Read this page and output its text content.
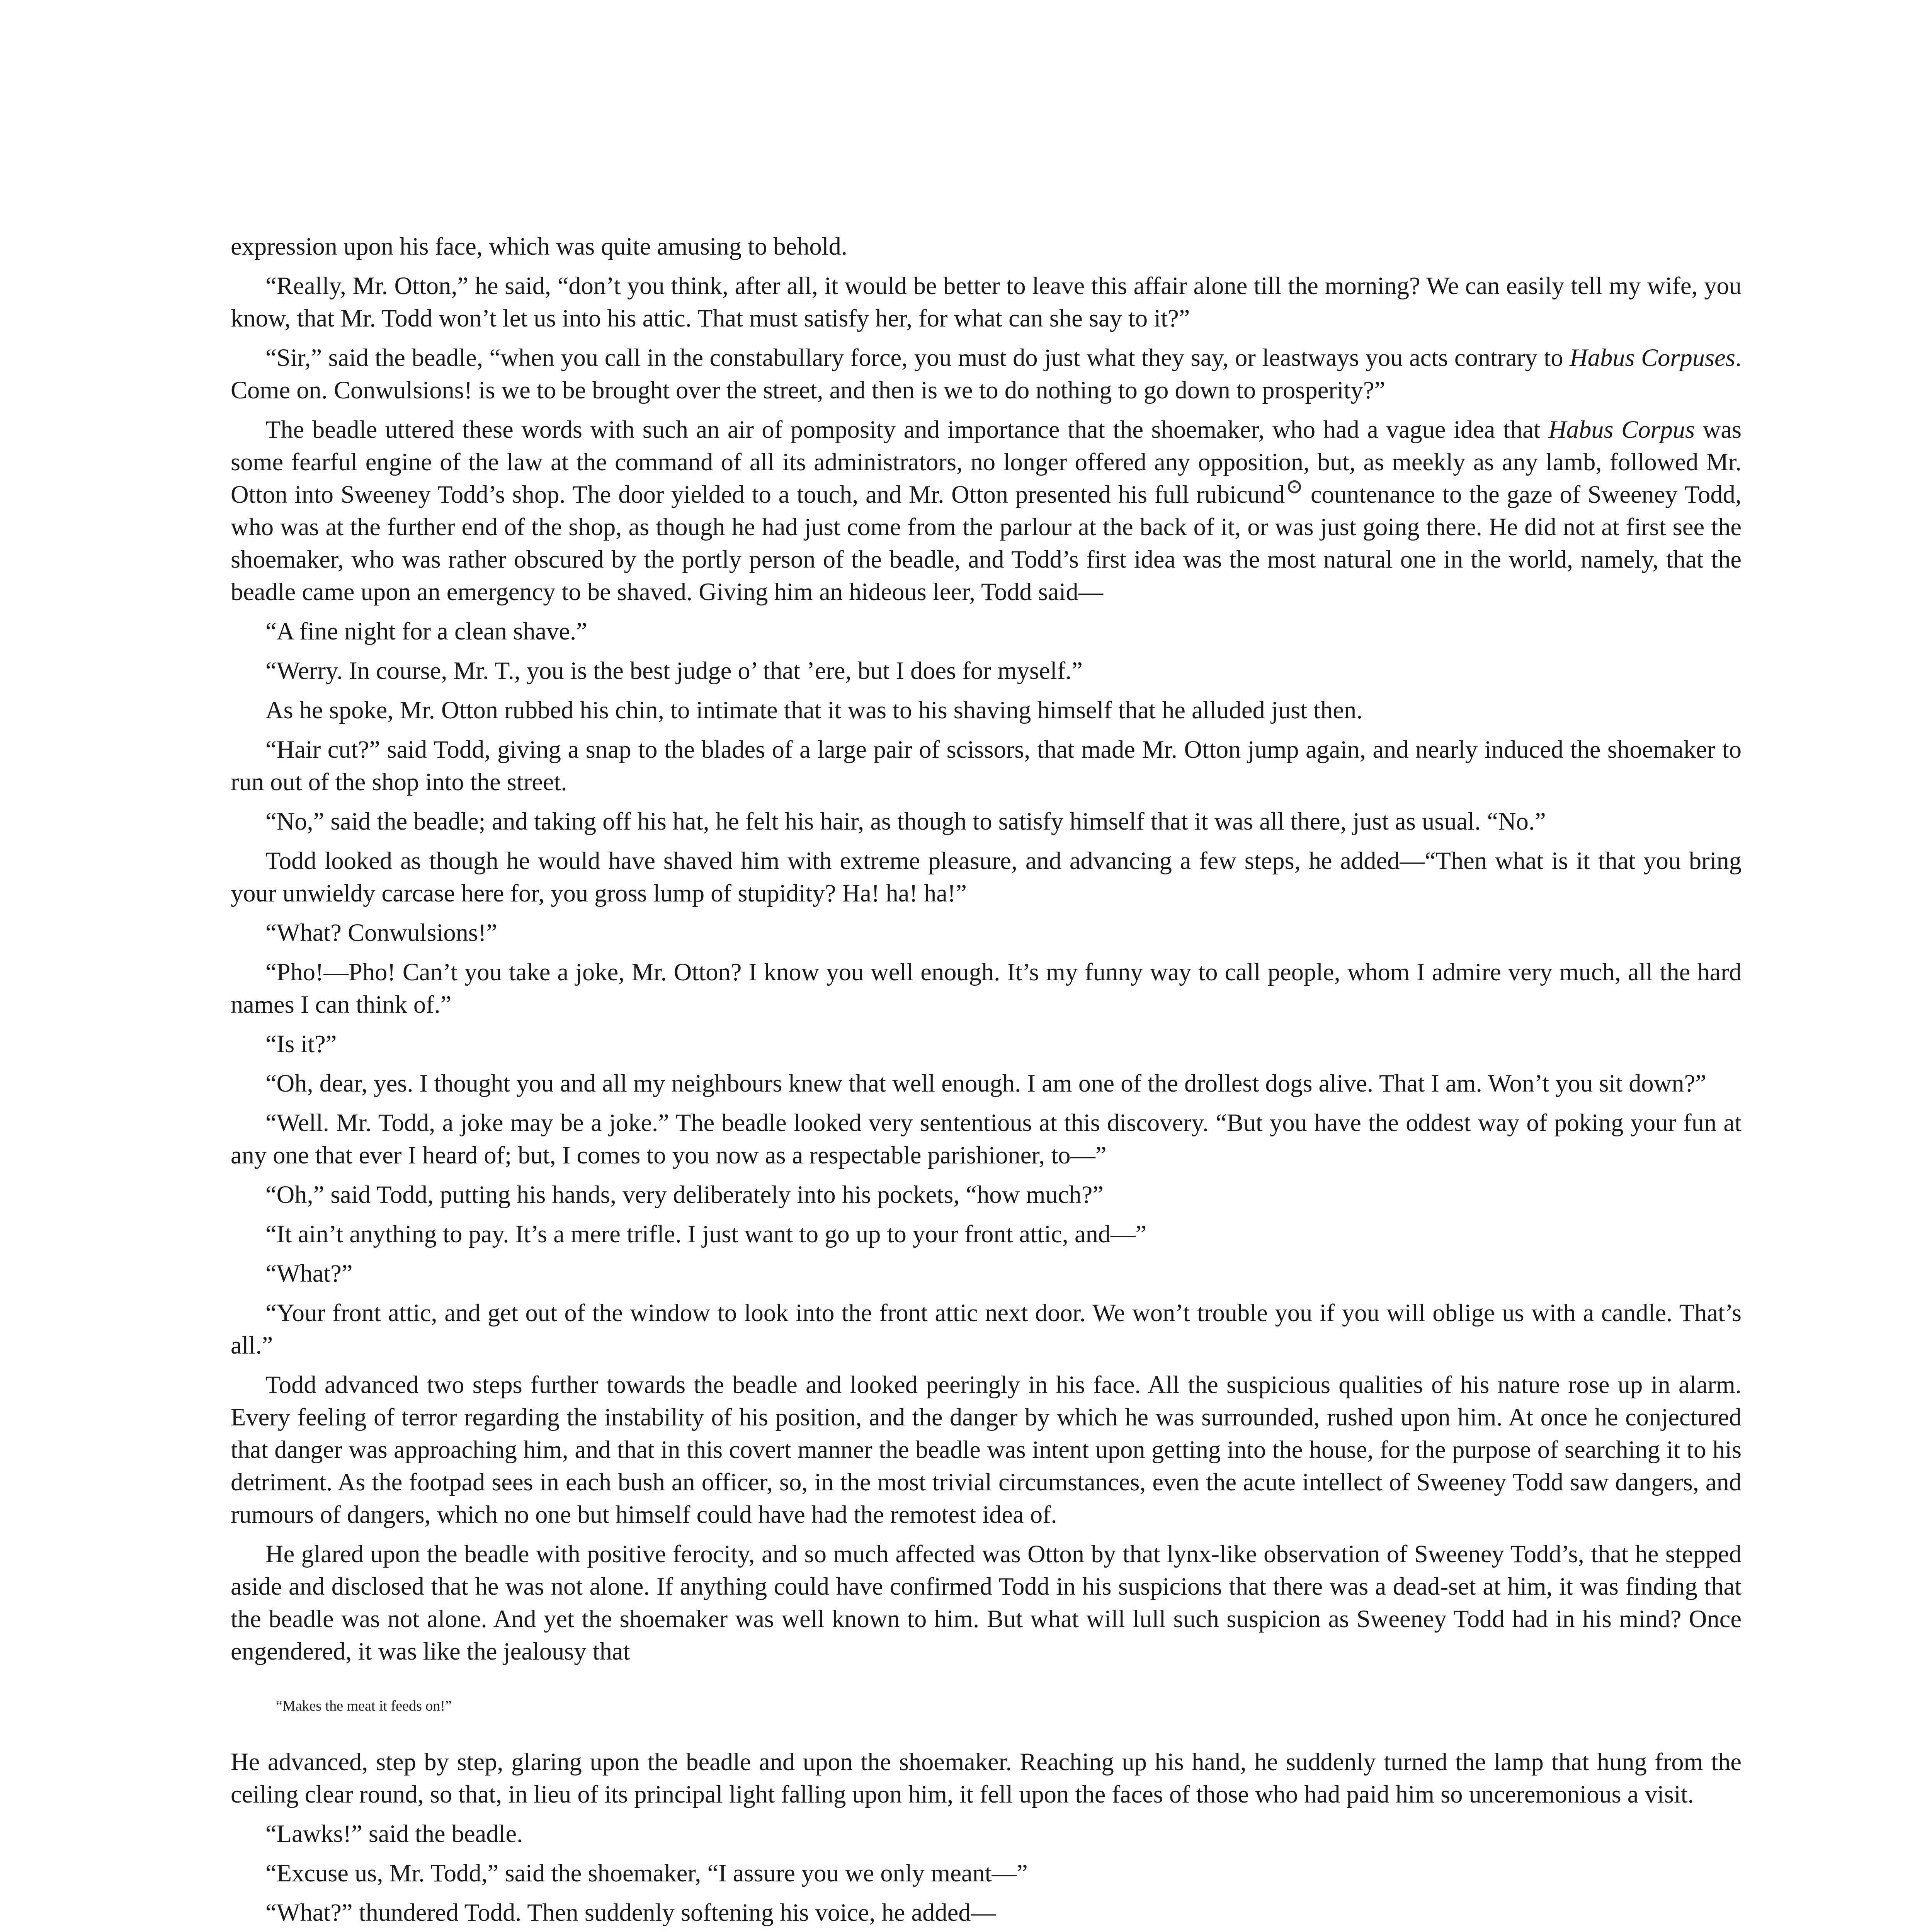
expression upon his face, which was quite amusing to behold.

“Really, Mr. Otton,” he said, “don’t you think, after all, it would be better to leave this affair alone till the morning? We can easily tell my wife, you know, that Mr. Todd won’t let us into his attic. That must satisfy her, for what can she say to it?”

“Sir,” said the beadle, “when you call in the constabullary force, you must do just what they say, or leastways you acts contrary to Habus Corpuses. Come on. Conwulsions! is we to be brought over the street, and then is we to do nothing to go down to prosperity?”

The beadle uttered these words with such an air of pomposity and importance that the shoemaker, who had a vague idea that Habus Corpus was some fearful engine of the law at the command of all its administrators, no longer offered any opposition, but, as meekly as any lamb, followed Mr. Otton into Sweeney Todd’s shop. The door yielded to a touch, and Mr. Otton presented his full rubicund countenance to the gaze of Sweeney Todd, who was at the further end of the shop, as though he had just come from the parlour at the back of it, or was just going there. He did not at first see the shoemaker, who was rather obscured by the portly person of the beadle, and Todd’s first idea was the most natural one in the world, namely, that the beadle came upon an emergency to be shaved. Giving him an hideous leer, Todd said—

“A fine night for a clean shave.”

“Werry. In course, Mr. T., you is the best judge o’ that ’ere, but I does for myself.”

As he spoke, Mr. Otton rubbed his chin, to intimate that it was to his shaving himself that he alluded just then.

“Hair cut?” said Todd, giving a snap to the blades of a large pair of scissors, that made Mr. Otton jump again, and nearly induced the shoemaker to run out of the shop into the street.

“No,” said the beadle; and taking off his hat, he felt his hair, as though to satisfy himself that it was all there, just as usual. “No.”

Todd looked as though he would have shaved him with extreme pleasure, and advancing a few steps, he added—“Then what is it that you bring your unwieldy carcase here for, you gross lump of stupidity? Ha! ha! ha!”

“What? Conwulsions!”

“Pho!—Pho! Can’t you take a joke, Mr. Otton? I know you well enough. It’s my funny way to call people, whom I admire very much, all the hard names I can think of.”

“Is it?”

“Oh, dear, yes. I thought you and all my neighbours knew that well enough. I am one of the drollest dogs alive. That I am. Won’t you sit down?”

“Well. Mr. Todd, a joke may be a joke.” The beadle looked very sententious at this discovery. “But you have the oddest way of poking your fun at any one that ever I heard of; but, I comes to you now as a respectable parishioner, to—”

“Oh,” said Todd, putting his hands, very deliberately into his pockets, “how much?”

“It ain’t anything to pay. It’s a mere trifle. I just want to go up to your front attic, and—”

“What?”

“Your front attic, and get out of the window to look into the front attic next door. We won’t trouble you if you will oblige us with a candle. That’s all.”

Todd advanced two steps further towards the beadle and looked peeringly in his face. All the suspicious qualities of his nature rose up in alarm. Every feeling of terror regarding the instability of his position, and the danger by which he was surrounded, rushed upon him. At once he conjectured that danger was approaching him, and that in this covert manner the beadle was intent upon getting into the house, for the purpose of searching it to his detriment. As the footpad sees in each bush an officer, so, in the most trivial circumstances, even the acute intellect of Sweeney Todd saw dangers, and rumours of dangers, which no one but himself could have had the remotest idea of.

He glared upon the beadle with positive ferocity, and so much affected was Otton by that lynx-like observation of Sweeney Todd’s, that he stepped aside and disclosed that he was not alone. If anything could have confirmed Todd in his suspicions that there was a dead-set at him, it was finding that the beadle was not alone. And yet the shoemaker was well known to him. But what will lull such suspicion as Sweeney Todd had in his mind? Once engendered, it was like the jealousy that

“Makes the meat it feeds on!”

He advanced, step by step, glaring upon the beadle and upon the shoemaker. Reaching up his hand, he suddenly turned the lamp that hung from the ceiling clear round, so that, in lieu of its principal light falling upon him, it fell upon the faces of those who had paid him so unceremonious a visit.

“Lawks!” said the beadle.

“Excuse us, Mr. Todd,” said the shoemaker, “I assure you we only meant—”

“What?” thundered Todd. Then suddenly softening his voice, he added—
